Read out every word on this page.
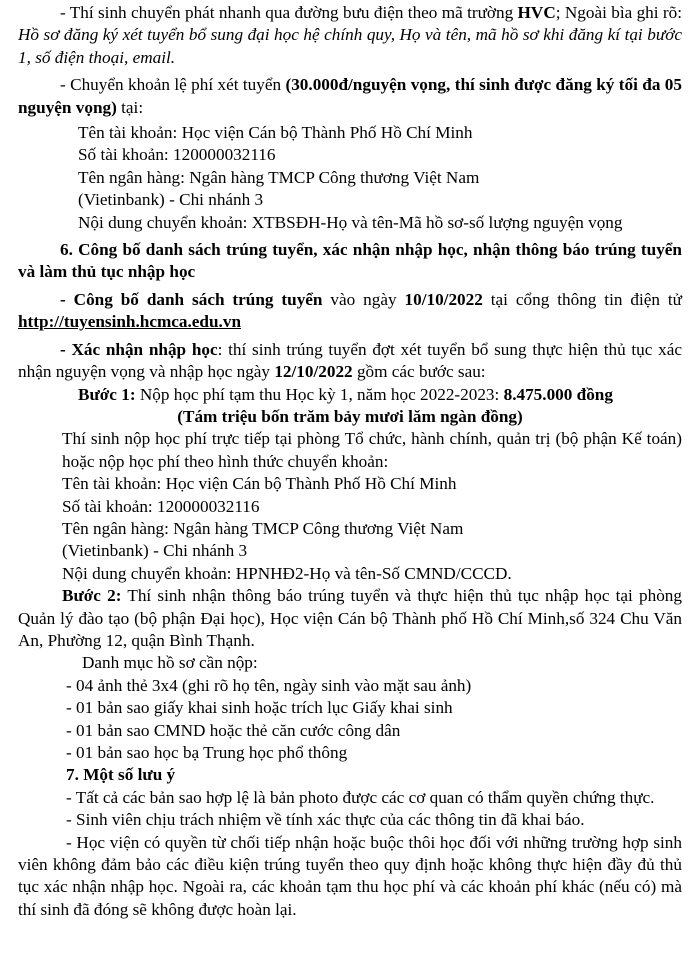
- Thí sinh chuyển phát nhanh qua đường bưu điện theo mã trường HVC; Ngoài bìa ghi rõ: Hồ sơ đăng ký xét tuyển bổ sung đại học hệ chính quy, Họ và tên, mã hồ sơ khi đăng kí tại bước 1, số điện thoại, email.

- Chuyển khoản lệ phí xét tuyển (30.000đ/nguyện vọng, thí sinh được đăng ký tối đa 05 nguyện vọng) tại:

Tên tài khoản: Học viện Cán bộ Thành Phố Hồ Chí Minh

Số tài khoản: 120000032116

Tên ngân hàng: Ngân hàng TMCP Công thương Việt Nam

(Vietinbank) - Chi nhánh 3

Nội dung chuyển khoản: XTBSĐH-Họ và tên-Mã hồ sơ-số lượng nguyện vọng

6. Công bố danh sách trúng tuyển, xác nhận nhập học, nhận thông báo trúng tuyển và làm thủ tục nhập học

- Công bố danh sách trúng tuyển vào ngày 10/10/2022 tại cổng thông tin điện tử http://tuyensinh.hcmca.edu.vn

- Xác nhận nhập học: thí sinh trúng tuyển đợt xét tuyển bổ sung thực hiện thủ tục xác nhận nguyện vọng và nhập học ngày 12/10/2022 gồm các bước sau:

Bước 1: Nộp học phí tạm thu Học kỳ 1, năm học 2022-2023: 8.475.000 đồng

(Tám triệu bốn trăm bảy mươi lăm ngàn đồng)

Thí sinh nộp học phí trực tiếp tại phòng Tổ chức, hành chính, quản trị (bộ phận Kế toán) hoặc nộp học phí theo hình thức chuyển khoản:

Tên tài khoản: Học viện Cán bộ Thành Phố Hồ Chí Minh

Số tài khoản: 120000032116

Tên ngân hàng: Ngân hàng TMCP Công thương Việt Nam

(Vietinbank) - Chi nhánh 3

Nội dung chuyển khoản: HPNHĐ2-Họ và tên-Số CMND/CCCD.

Bước 2: Thí sinh nhận thông báo trúng tuyển và thực hiện thủ tục nhập học tại phòng Quản lý đào tạo (bộ phận Đại học), Học viện Cán bộ Thành phố Hồ Chí Minh,số 324 Chu Văn An, Phường 12, quận Bình Thạnh.

Danh mục hồ sơ cần nộp:

- 04 ảnh thẻ 3x4 (ghi rõ họ tên, ngày sinh vào mặt sau ảnh)

- 01 bản sao giấy khai sinh hoặc trích lục Giấy khai sinh

- 01 bản sao CMND hoặc thẻ căn cước công dân

- 01 bản sao học bạ Trung học phổ thông

7. Một số lưu ý

- Tất cả các bản sao hợp lệ là bản photo được các cơ quan có thẩm quyền chứng thực.

- Sinh viên chịu trách nhiệm về tính xác thực của các thông tin đã khai báo.

- Học viện có quyền từ chối tiếp nhận hoặc buộc thôi học đối với những trường hợp sinh viên không đảm bảo các điều kiện trúng tuyển theo quy định hoặc không thực hiện đầy đủ thủ tục xác nhận nhập học. Ngoài ra, các khoản tạm thu học phí và các khoản phí khác (nếu có) mà thí sinh đã đóng sẽ không được hoàn lại.
